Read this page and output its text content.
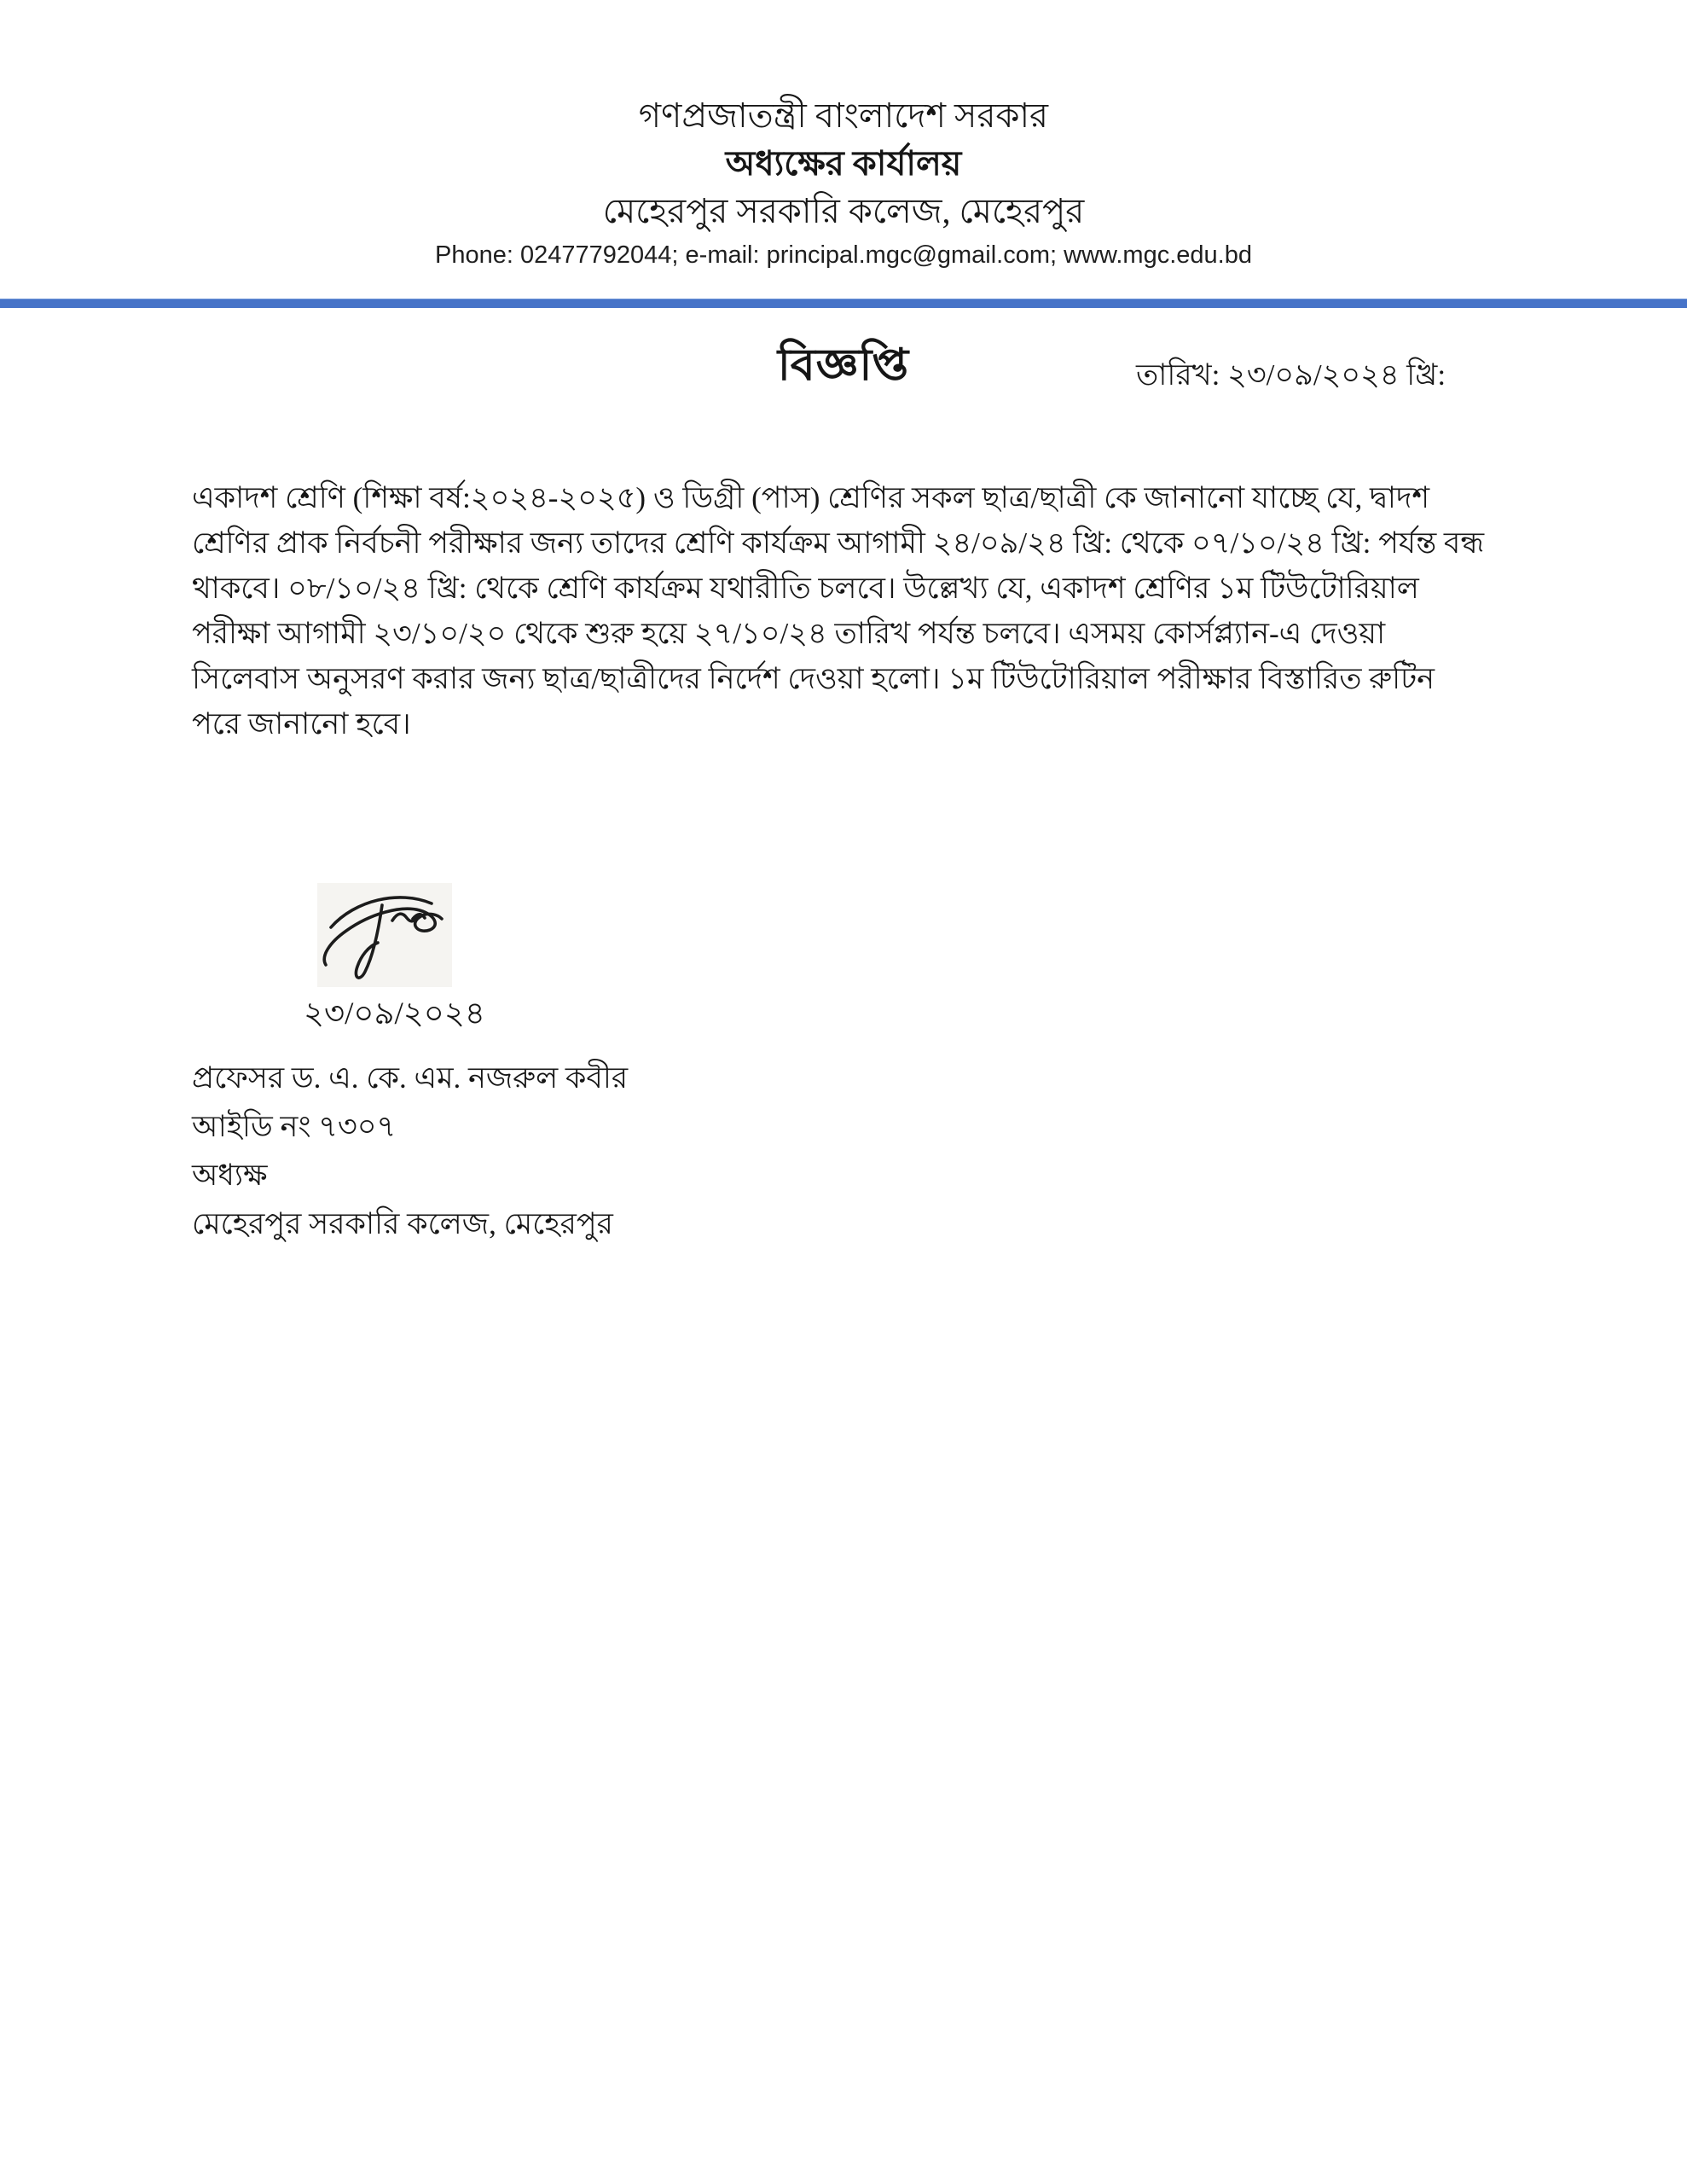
গণপ্রজাতন্ত্রী বাংলাদেশ সরকার
অধ্যক্ষের কার্যালয়
মেহেরপুর সরকারি কলেজ, মেহেরপুর
Phone: 02477792044; e-mail: principal.mgc@gmail.com; www.mgc.edu.bd
বিজ্ঞপ্তি	তারিখ: ২৩/০৯/২০২৪ খ্রি:
একাদশ শ্রেণি (শিক্ষা বর্ষ:২০২৪-২০২৫) ও ডিগ্রী (পাস) শ্রেণির সকল ছাত্র/ছাত্রী কে জানানো যাচ্ছে যে, দ্বাদশ
শ্রেণির প্রাক নির্বচনী পরীক্ষার জন্য তাদের শ্রেণি কার্যক্রম আগামী ২৪/০৯/২৪ খ্রি: থেকে ০৭/১০/২৪ খ্রি: পর্যন্ত বন্ধ
থাকবে। ০৮/১০/২৪ খ্রি: থেকে শ্রেণি কার্যক্রম যথারীতি চলবে। উল্লেখ্য যে, একাদশ শ্রেণির ১ম টিউটোরিয়াল
পরীক্ষা আগামী ২৩/১০/২০ থেকে শুরু হয়ে ২৭/১০/২৪ তারিখ পর্যন্ত চলবে। এসময় কোর্সপ্ল্যান-এ দেওয়া
সিলেবাস অনুসরণ করার জন্য ছাত্র/ছাত্রীদের নির্দেশ দেওয়া হলো। ১ম টিউটোরিয়াল পরীক্ষার বিস্তারিত রুটিন
পরে জানানো হবে।
২৩/০৯/২০২৪
প্রফেসর ড. এ. কে. এম. নজরুল কবীর
আইডি নং ৭৩০৭
অধ্যক্ষ
মেহেরপুর সরকারি কলেজ, মেহেরপুর
